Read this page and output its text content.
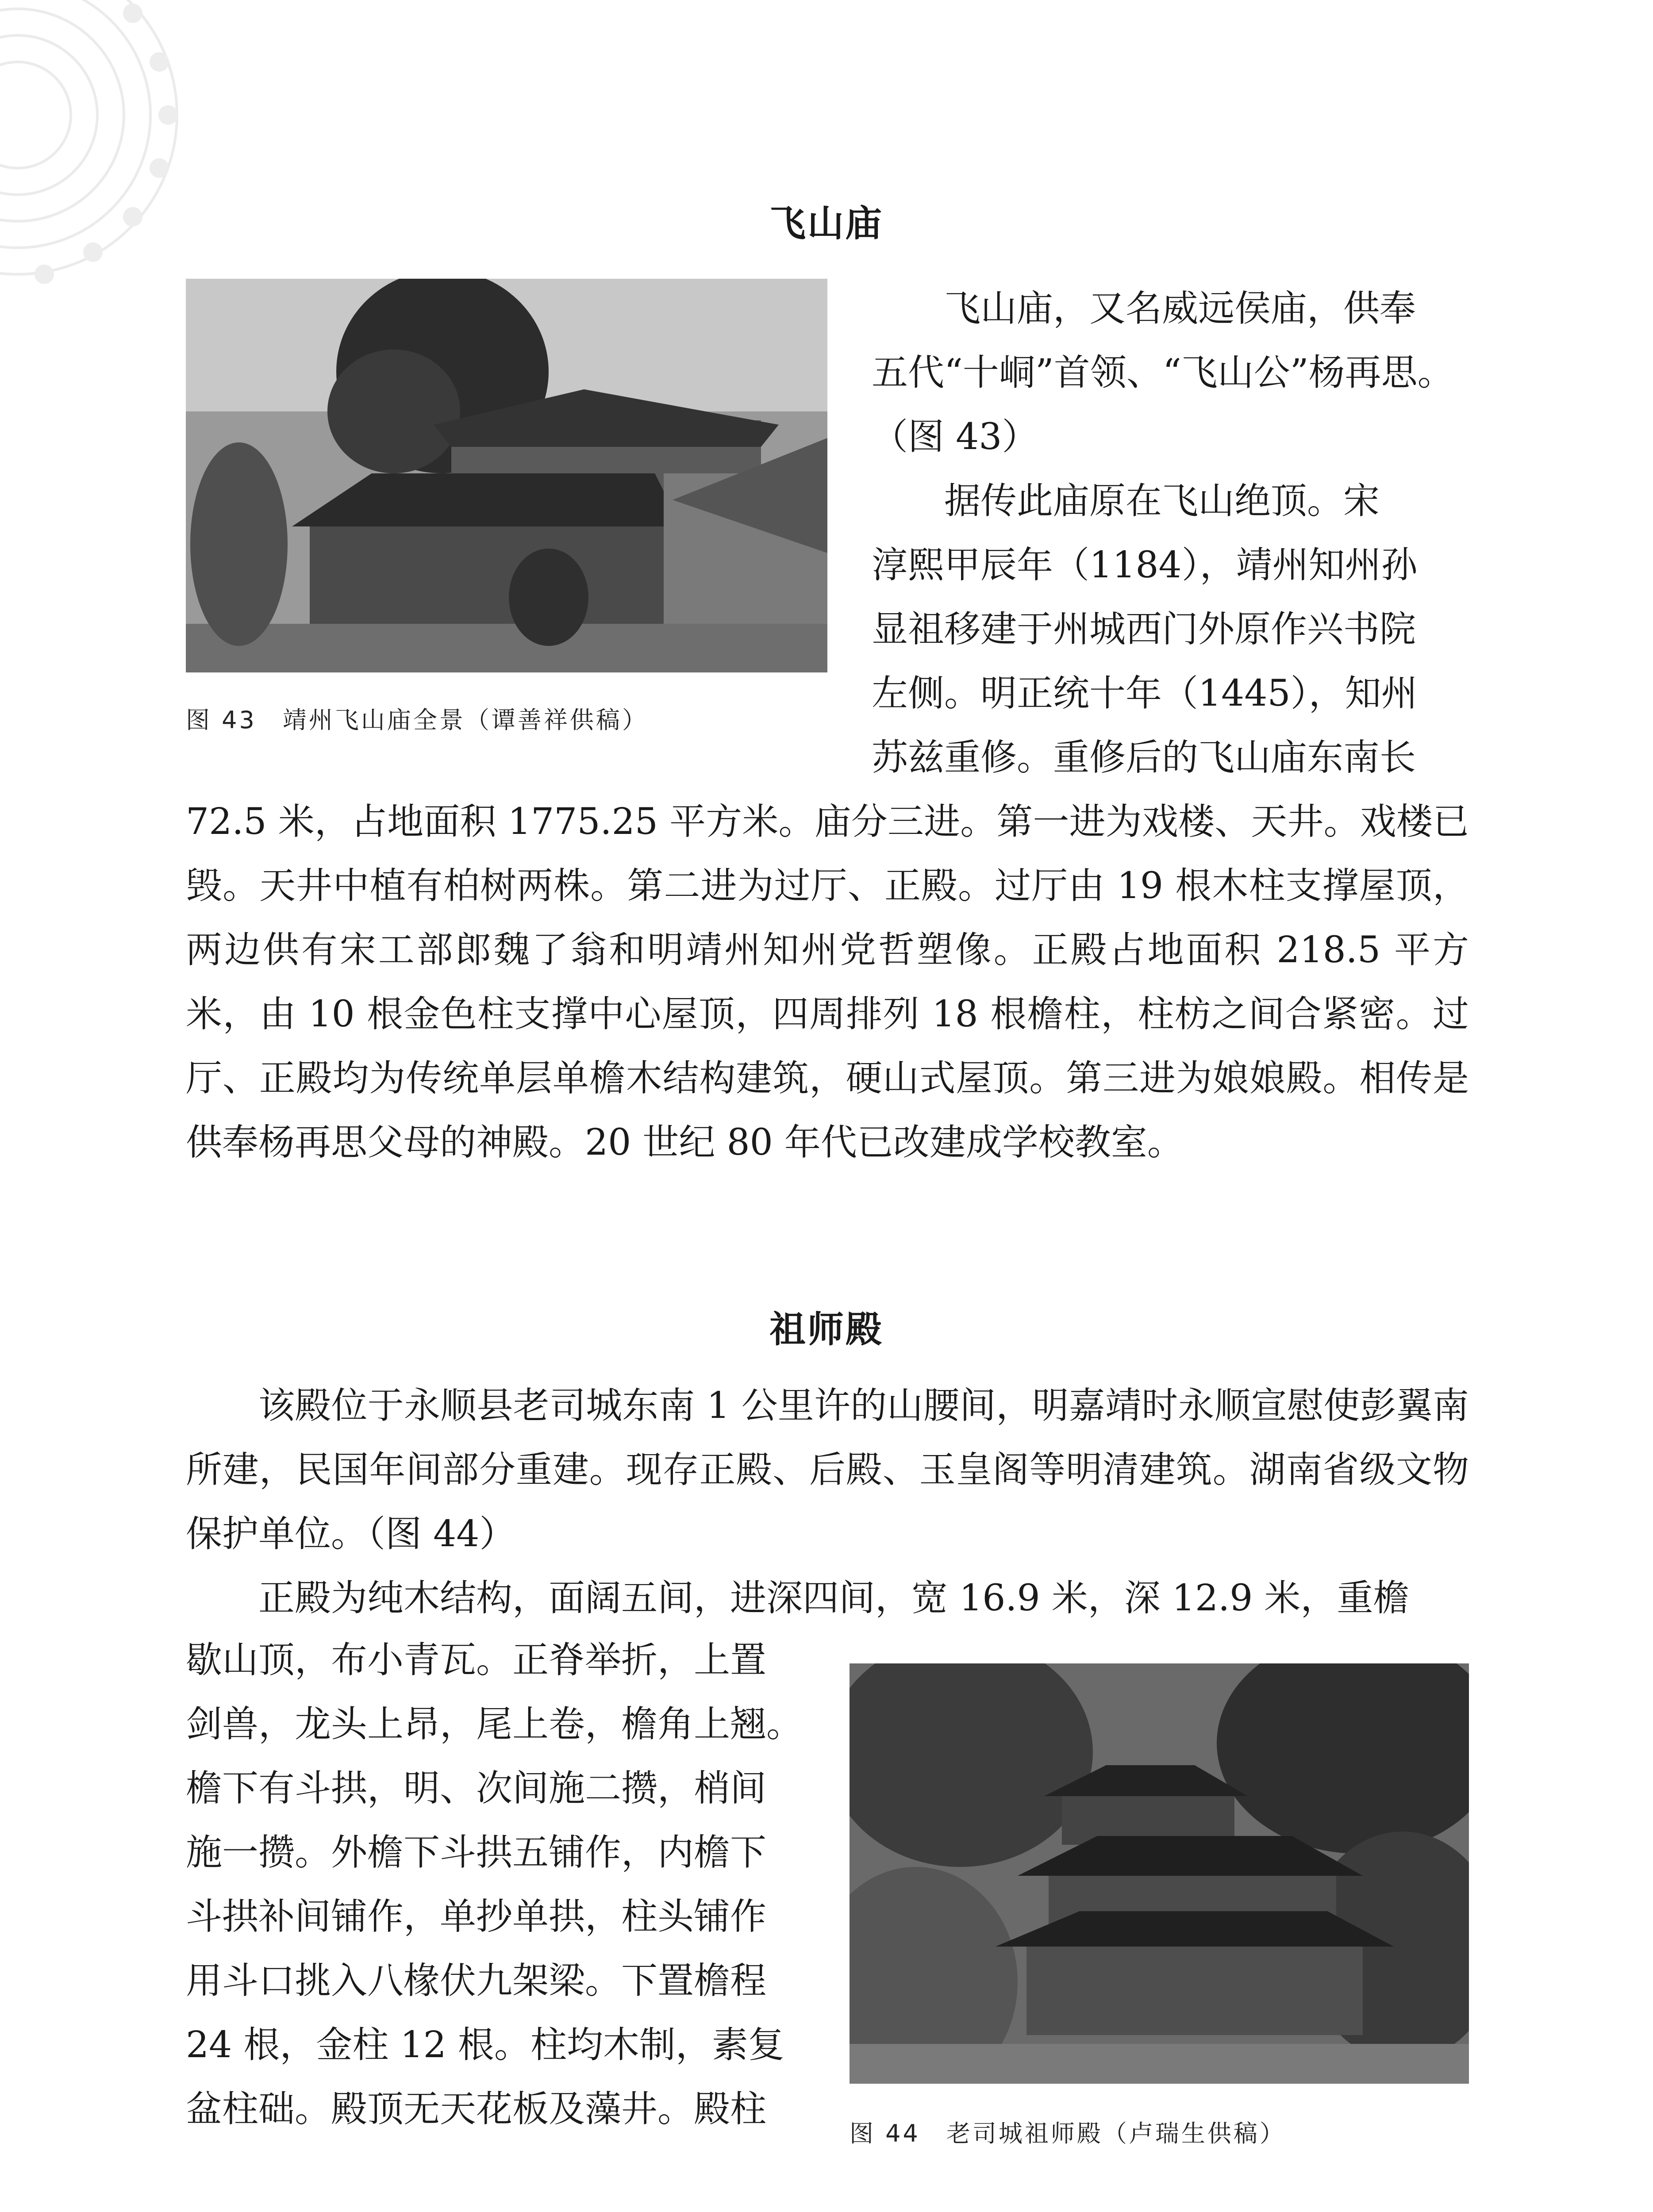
飞山庙
图 43　靖州飞山庙全景（谭善祥供稿）
飞山庙，又名威远侯庙，供奉
五代“十峒”首领、“飞山公”杨再思。
（图 43）
据传此庙原在飞山绝顶。宋
淳熙甲辰年（1184），靖州知州孙
显祖移建于州城西门外原作兴书院
左侧。明正统十年（1445），知州
苏兹重修。重修后的飞山庙东南长
72.5 米，占地面积 1775.25 平方米。庙分三进。第一进为戏楼、天井。戏楼已毁。天井中植有柏树两株。第二进为过厅、正殿。过厅由 19 根木柱支撑屋顶，两边供有宋工部郎魏了翁和明靖州知州党哲塑像。正殿占地面积 218.5 平方米，由 10 根金色柱支撑中心屋顶，四周排列 18 根檐柱，柱枋之间合紧密。过厅、正殿均为传统单层单檐木结构建筑，硬山式屋顶。第三进为娘娘殿。相传是供奉杨再思父母的神殿。20 世纪 80 年代已改建成学校教室。
祖师殿

该殿位于永顺县老司城东南 1 公里许的山腰间，明嘉靖时永顺宣慰使彭翼南所建，民国年间部分重建。现存正殿、后殿、玉皇阁等明清建筑。湖南省级文物保护单位。（图 44）

正殿为纯木结构，面阔五间，进深四间，宽 16.9 米，深 12.9 米，重檐

歇山顶，布小青瓦。正脊举折，上置
剑兽，龙头上昂，尾上卷，檐角上翘。
檐下有斗拱，明、次间施二攒，梢间
施一攒。外檐下斗拱五铺作，内檐下
斗拱补间铺作，单抄单拱，柱头铺作
用斗口挑入八椽伏九架梁。下置檐程
24 根，金柱 12 根。柱均木制，素复
盆柱础。殿顶无天花板及藻井。殿柱
图 44　老司城祖师殿（卢瑞生供稿）
